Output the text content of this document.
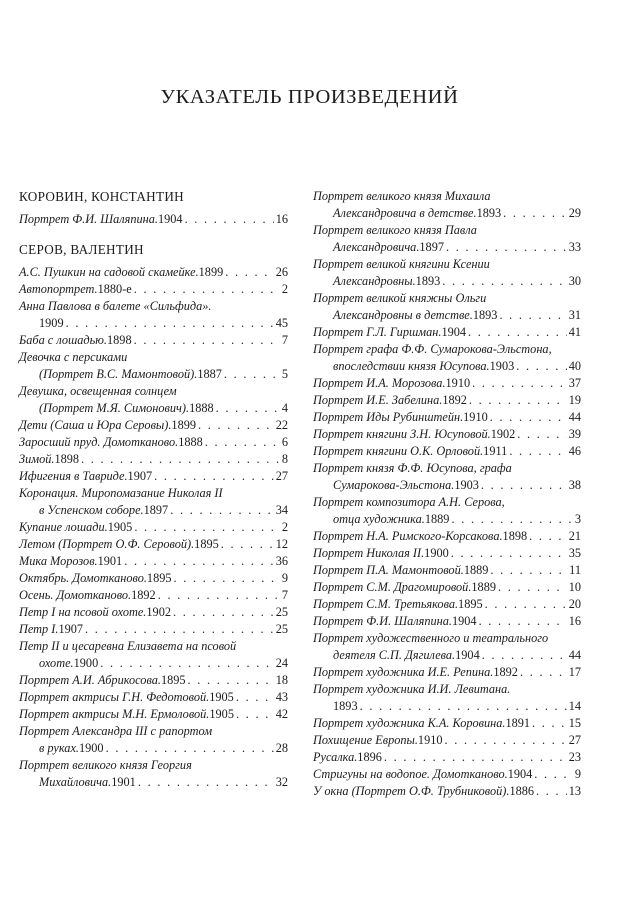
УКАЗАТЕЛЬ ПРОИЗВЕДЕНИЙ
КОРОВИН, КОНСТАНТИН
Портрет Ф.И. Шаляпина. 1904 . . .	16
СЕРОВ, ВАЛЕНТИН
А.С. Пушкин на садовой скамейке. 1899 . . .	26
Автопортрет. 1880-е . . .	2
Анна Павлова в балете «Сильфида».
1909 . . .	45
Баба с лошадью. 1898 . . .	7
Девочка с персиками
(Портрет В.С. Мамонтовой). 1887 . . .	5
Девушка, освещенная солнцем
(Портрет М.Я. Симонович). 1888 . . .	4
Дети (Саша и Юра Серовы). 1899 . . .	22
Заросший пруд. Домотканово. 1888 . . .	6
Зимой. 1898 . . .	8
Ифигения в Тавриде. 1907 . . .	27
Коронация. Миропомазание Николая II
в Успенском соборе. 1897 . . .	34
Купание лошади. 1905 . . .	2
Летом (Портрет О.Ф. Серовой). 1895 . . .	12
Мика Морозов. 1901 . . .	36
Октябрь. Домотканово. 1895 . . .	9
Осень. Домотканово. 1892 . . .	7
Петр I на псовой охоте. 1902 . . .	25
Петр I. 1907 . . .	25
Петр II и цесаревна Елизавета на псовой
охоте. 1900 . . .	24
Портрет А.И. Абрикосова. 1895 . . .	18
Портрет актрисы Г.Н. Федотовой. 1905 . . .	43
Портрет актрисы М.Н. Ермоловой. 1905 . . .	42
Портрет Александра III с рапортом
в руках. 1900 . . .	28
Портрет великого князя Георгия
Михайловича. 1901 . . .	32
Портрет великого князя Михаила
Александровича в детстве. 1893 . . .	29
Портрет великого князя Павла
Александровича. 1897 . . .	33
Портрет великой княгини Ксении
Александровны. 1893 . . .	30
Портрет великой княжны Ольги
Александровны в детстве. 1893 . . .	31
Портрет Г.Л. Гиршман. 1904 . . .	41
Портрет графа Ф.Ф. Сумарокова-Эльстона,
впоследствии князя Юсупова. 1903 . . .	40
Портрет И.А. Морозова. 1910 . . .	37
Портрет И.Е. Забелина. 1892 . . .	19
Портрет Иды Рубинштейн. 1910 . . .	44
Портрет княгини З.Н. Юсуповой. 1902 . . .	39
Портрет княгини О.К. Орловой. 1911 . . .	46
Портрет князя Ф.Ф. Юсупова, графа
Сумарокова-Эльстона. 1903 . . .	38
Портрет композитора А.Н. Серова,
отца художника. 1889 . . .	3
Портрет Н.А. Римского-Корсакова. 1898 . . .	21
Портрет Николая II. 1900 . . .	35
Портрет П.А. Мамонтовой. 1889 . . .	11
Портрет С.М. Драгомировой. 1889 . . .	10
Портрет С.М. Третьякова. 1895 . . .	20
Портрет Ф.И. Шаляпина. 1904 . . .	16
Портрет художественного и театрального
деятеля С.П. Дягилева. 1904 . . .	44
Портрет художника И.Е. Репина. 1892 . . .	17
Портрет художника И.И. Левитана.
1893 . . .	14
Портрет художника К.А. Коровина. 1891 . . .	15
Похищение Европы. 1910 . . .	27
Русалка. 1896 . . .	23
Стригуны на водопое. Домотканово. 1904 . . .	9
У окна (Портрет О.Ф. Трубниковой). 1886 . . .	13
